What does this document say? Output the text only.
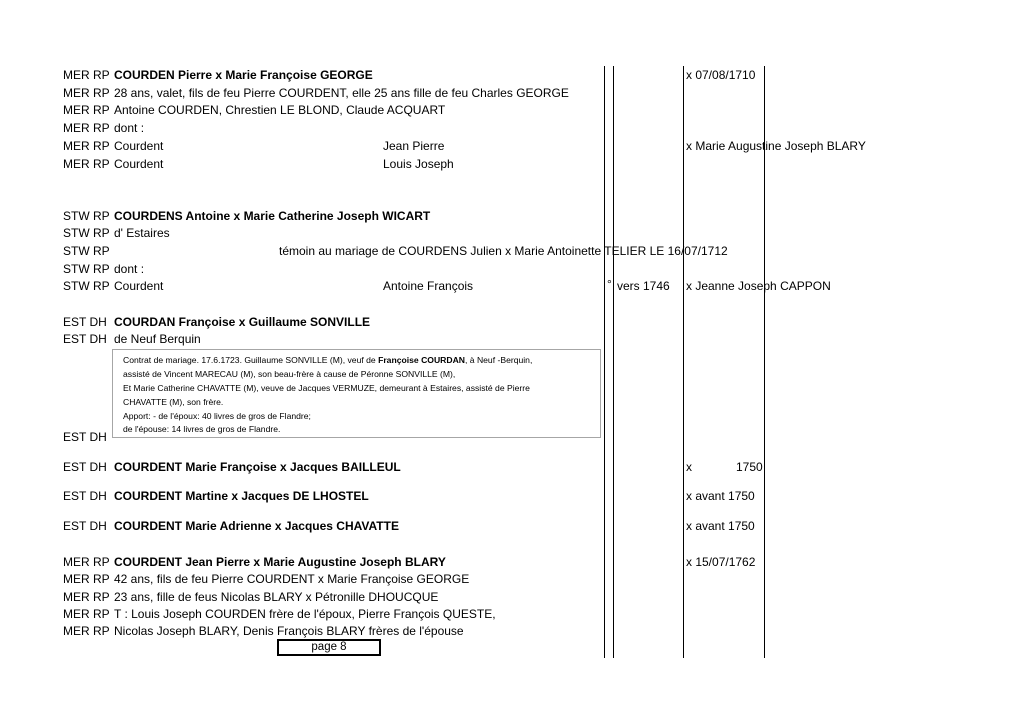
MER RP COURDEN Pierre x Marie Françoise GEORGE	x 07/08/1710
MER RP 28 ans, valet, fils de feu Pierre COURDENT, elle 25 ans fille de feu Charles GEORGE
MER RP Antoine COURDEN, Chrestien LE BLOND, Claude ACQUART
MER RP dont :
MER RP Courdent	Jean Pierre	x Marie Augustine Joseph BLARY
MER RP Courdent	Louis Joseph
STW RP COURDENS Antoine x Marie Catherine Joseph WICART
STW RP d' Estaires
STW RP	témoin au mariage de COURDENS Julien x Marie Antoinette TELIER LE 16/07/1712
STW RP dont :
STW RP Courdent	Antoine François	° vers 1746 x Jeanne Joseph CAPPON
EST DH COURDAN Françoise x Guillaume SONVILLE
EST DH de Neuf Berquin
Contrat de mariage. 17.6.1723. Guillaume SONVILLE (M), veuf de Françoise COURDAN, à Neuf -Berquin,
assisté de Vincent MARECAU (M), son beau-frère à cause de Péronne SONVILLE (M),
Et Marie Catherine CHAVATTE (M), veuve de Jacques VERMUZE, demeurant à Estaires, assisté de Pierre
CHAVATTE (M), son frère.
Apport: - de l'époux: 40 livres de gros de Flandre;
de l'épouse: 14 livres de gros de Flandre.
EST DH
EST DH COURDENT Marie Françoise x Jacques BAILLEUL	x	1750
EST DH COURDENT Martine x Jacques DE LHOSTEL	x avant 1750
EST DH COURDENT Marie Adrienne x Jacques CHAVATTE	x avant 1750
MER RP COURDENT Jean Pierre x Marie Augustine Joseph BLARY	x 15/07/1762
MER RP 42 ans, fils de feu Pierre COURDENT x Marie Françoise GEORGE
MER RP 23 ans, fille de feus Nicolas BLARY x Pétronille DHOUCQUE
MER RP T : Louis Joseph COURDEN frère de l'époux, Pierre François QUESTE,
MER RP Nicolas Joseph BLARY, Denis François BLARY frères de l'épouse
page 8
